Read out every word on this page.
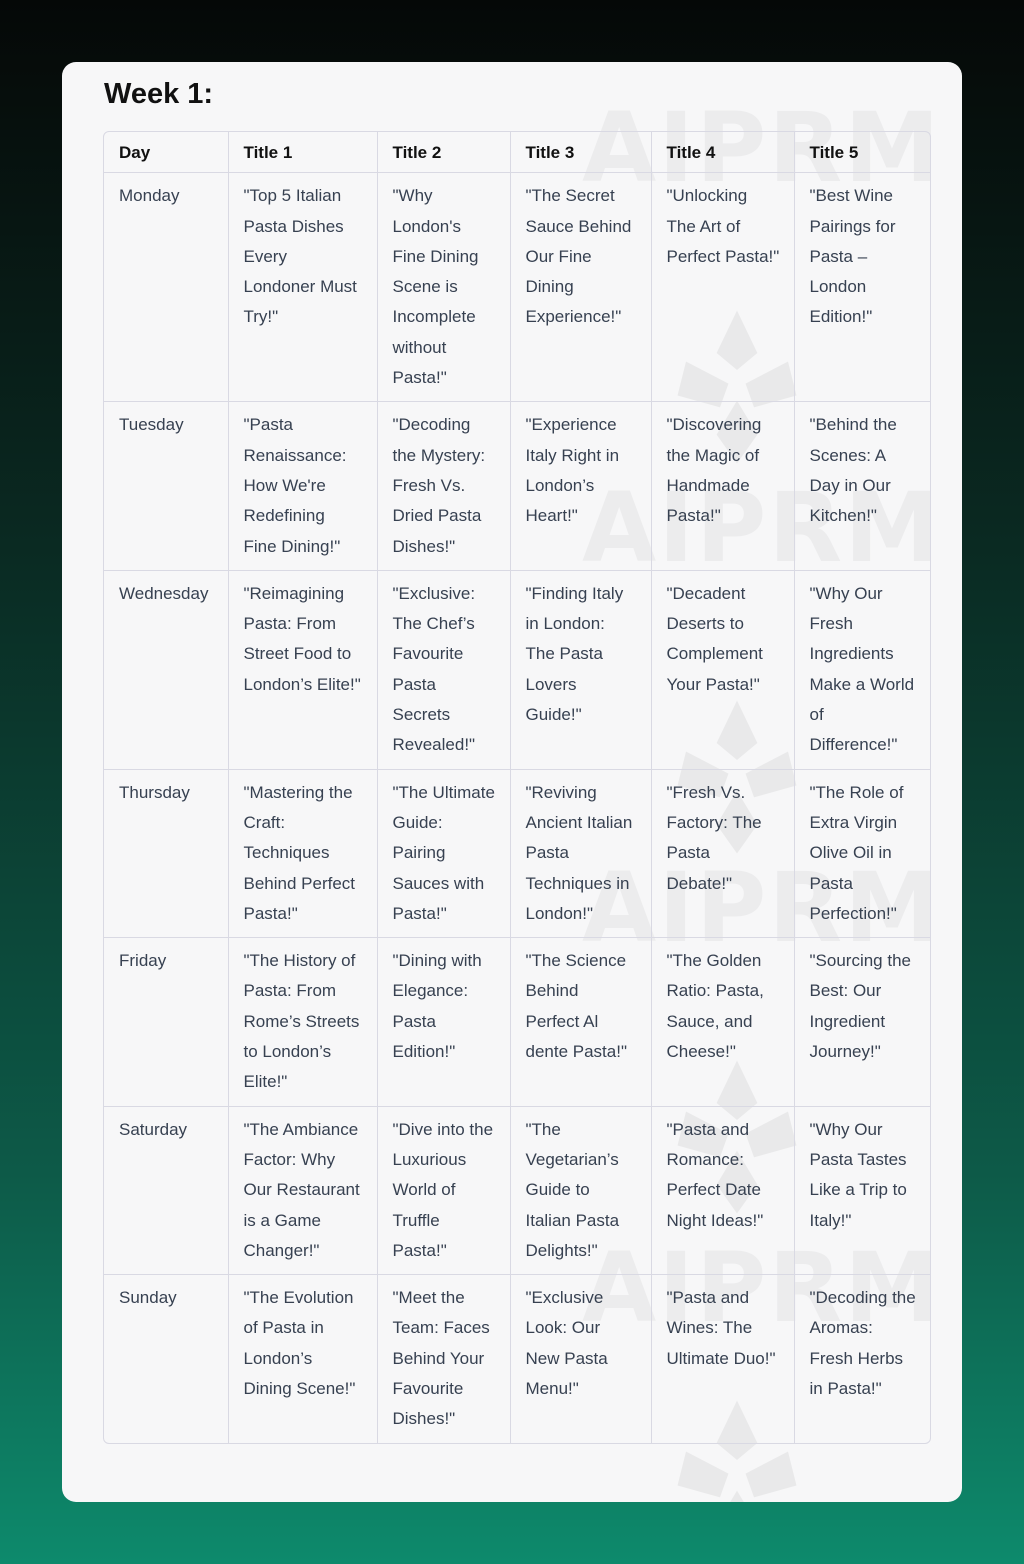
Week 1:
Day	Title 1	Title 2	Title 3	Title 4	Title 5
Monday	"Top 5 Italian Pasta Dishes Every Londoner Must Try!"	"Why London's Fine Dining Scene is Incomplete without Pasta!"	"The Secret Sauce Behind Our Fine Dining Experience!"	"Unlocking The Art of Perfect Pasta!"	"Best Wine Pairings for Pasta – London Edition!"
Tuesday	"Pasta Renaissance: How We're Redefining Fine Dining!"	"Decoding the Mystery: Fresh Vs. Dried Pasta Dishes!"	"Experience Italy Right in London’s Heart!"	"Discovering the Magic of Handmade Pasta!"	"Behind the Scenes: A Day in Our Kitchen!"
Wednesday	"Reimagining Pasta: From Street Food to London’s Elite!"	"Exclusive: The Chef’s Favourite Pasta Secrets Revealed!"	"Finding Italy in London: The Pasta Lovers Guide!"	"Decadent Deserts to Complement Your Pasta!"	"Why Our Fresh Ingredients Make a World of Difference!"
Thursday	"Mastering the Craft: Techniques Behind Perfect Pasta!"	"The Ultimate Guide: Pairing Sauces with Pasta!"	"Reviving Ancient Italian Pasta Techniques in London!"	"Fresh Vs. Factory: The Pasta Debate!"	"The Role of Extra Virgin Olive Oil in Pasta Perfection!"
Friday	"The History of Pasta: From Rome’s Streets to London’s Elite!"	"Dining with Elegance: Pasta Edition!"	"The Science Behind Perfect Al dente Pasta!"	"The Golden Ratio: Pasta, Sauce, and Cheese!"	"Sourcing the Best: Our Ingredient Journey!"
Saturday	"The Ambiance Factor: Why Our Restaurant is a Game Changer!"	"Dive into the Luxurious World of Truffle Pasta!"	"The Vegetarian’s Guide to Italian Pasta Delights!"	"Pasta and Romance: Perfect Date Night Ideas!"	"Why Our Pasta Tastes Like a Trip to Italy!"
Sunday	"The Evolution of Pasta in London’s Dining Scene!"	"Meet the Team: Faces Behind Your Favourite Dishes!"	"Exclusive Look: Our New Pasta Menu!"	"Pasta and Wines: The Ultimate Duo!"	"Decoding the Aromas: Fresh Herbs in Pasta!"
